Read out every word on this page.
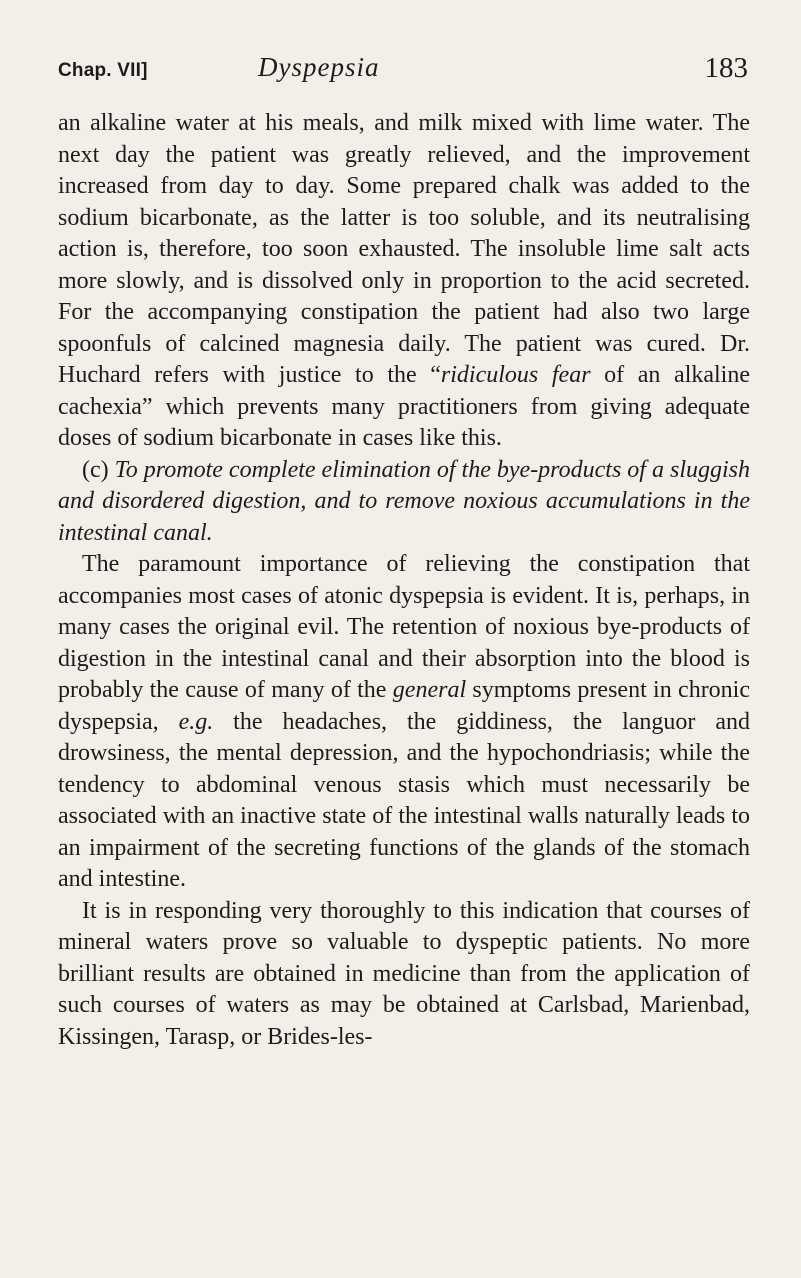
Chap. VII]	Dyspepsia	183

an alkaline water at his meals, and milk mixed with lime water. The next day the patient was greatly relieved, and the improvement increased from day to day. Some prepared chalk was added to the sodium bicarbonate, as the latter is too soluble, and its neutralising action is, therefore, too soon exhausted. The insoluble lime salt acts more slowly, and is dissolved only in proportion to the acid secreted. For the accompanying constipation the patient had also two large spoonfuls of calcined magnesia daily. The patient was cured. Dr. Huchard refers with justice to the “ridiculous fear of an alkaline cachexia” which prevents many practitioners from giving adequate doses of sodium bicarbonate in cases like this.

(c) To promote complete elimination of the bye-products of a sluggish and disordered digestion, and to remove noxious accumulations in the intestinal canal.

The paramount importance of relieving the constipation that accompanies most cases of atonic dyspepsia is evident. It is, perhaps, in many cases the original evil. The retention of noxious bye-products of digestion in the intestinal canal and their absorption into the blood is probably the cause of many of the general symptoms present in chronic dyspepsia, e.g. the headaches, the giddiness, the languor and drowsiness, the mental depression, and the hypochondriasis; while the tendency to abdominal venous stasis which must necessarily be associated with an inactive state of the intestinal walls naturally leads to an impairment of the secreting functions of the glands of the stomach and intestine.

It is in responding very thoroughly to this indication that courses of mineral waters prove so valuable to dyspeptic patients. No more brilliant results are obtained in medicine than from the application of such courses of waters as may be obtained at Carlsbad, Marienbad, Kissingen, Tarasp, or Brides-les-
